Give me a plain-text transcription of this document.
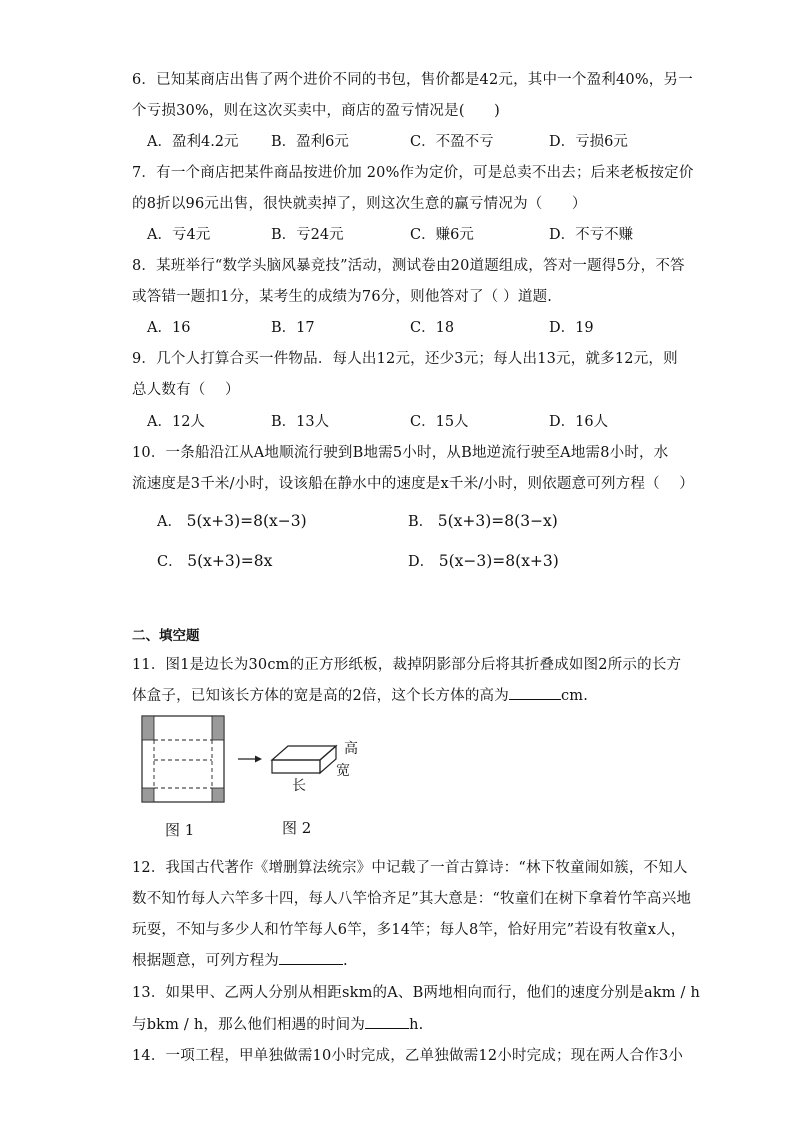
6．已知某商店出售了两个进价不同的书包，售价都是42元，其中一个盈利40%，另一
个亏损30%，则在这次买卖中，商店的盈亏情况是(　　)
A．盈利4.2元 B．盈利6元	C．不盈不亏	D．亏损6元
7．有一个商店把某件商品按进价加 20%作为定价，可是总卖不出去；后来老板按定价
的8折以96元出售，很快就卖掉了，则这次生意的赢亏情况为（　　）
A．亏4元	B．亏24元	C．赚6元	D．不亏不赚
8．某班举行“数学头脑风暴竞技”活动，测试卷由20道题组成，答对一题得5分，不答
或答错一题扣1分，某考生的成绩为76分，则他答对了（ ）道题.
A．16	B．17	C．18	D．19
9．几个人打算合买一件物品．每人出12元，还少3元；每人出13元，就多12元，则
总人数有（　 ）
A．12人	B．13人	C．15人	D．16人
10．一条船沿江从A地顺流行驶到B地需5小时，从B地逆流行驶至A地需8小时，水
流速度是3千米/小时，设该船在静水中的速度是x千米/小时，则依题意可列方程（　 ）
A． 5(x+3)=8(x−3)	B． 5(x+3)=8(3−x)
C． 5(x+3)=8x	D． 5(x−3)=8(x+3)
二、填空题
11．图1是边长为30cm的正方形纸板，裁掉阴影部分后将其折叠成如图2所示的长方
体盒子，已知该长方体的宽是高的2倍，这个长方体的高为	cm.
高
宽
长
图 1	图 2
12．我国古代著作《增删算法统宗》中记载了一首古算诗：“林下牧童闹如簇，不知人
数不知竹每人六竿多十四，每人八竿恰齐足”其大意是：“牧童们在树下拿着竹竿高兴地
玩耍，不知与多少人和竹竿每人6竿，多14竿；每人8竿，恰好用完”若设有牧童x人，
根据题意，可列方程为	.
13．如果甲、乙两人分别从相距skm的A、B两地相向而行，他们的速度分别是akm / h
与bkm / h，那么他们相遇的时间为	h.
14．一项工程，甲单独做需10小时完成，乙单独做需12小时完成；现在两人合作3小
